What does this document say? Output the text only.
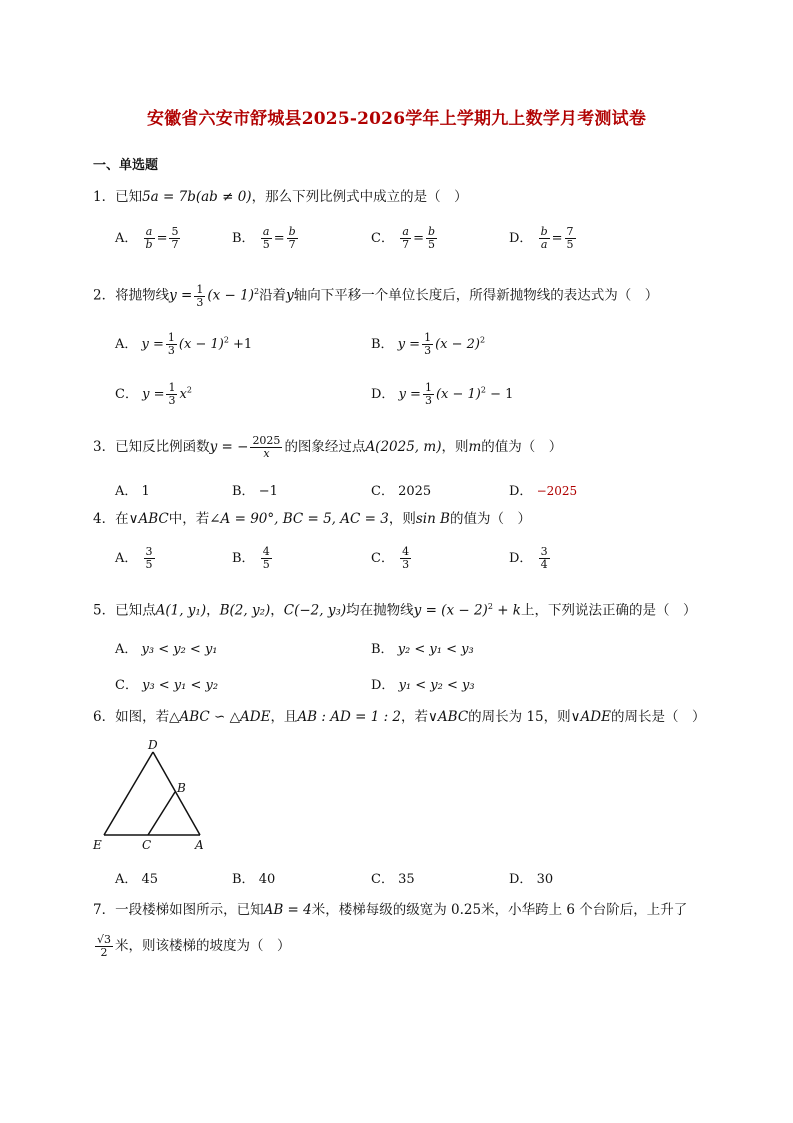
安徽省六安市舒城县2025-2026学年上学期九上数学月考测试卷
一、单选题
1．已知5a = 7b(ab ≠ 0)，那么下列比例式中成立的是（　）
A． $\frac{a}{b} = \frac{5}{7}$	B． $\frac{a}{5} = \frac{b}{7}$	C． $\frac{a}{7} = \frac{b}{5}$	D． $\frac{b}{a} = \frac{7}{5}$
2．将抛物线$y = \frac{1}{3} (x - 1)^2$沿着y轴向下平移一个单位长度后，所得新抛物线的表达式为（　）
A． $y = \frac{1}{3} (x - 1)^2 +1$	B． $y = \frac{1}{3} (x - 2)^2$
C． $y = \frac{1}{3} x^2$	D． $y = \frac{1}{3} (x - 1)^2 - 1$
3．已知反比例函数y = − $\frac{2025}{x}$ 的图象经过点A(2025, m)，则m的值为（　）
A． 1	B． −1	C． 2025	D． −2025
4．在∨ABC中，若∠A = 90°, BC = 5, AC = 3，则sin B的值为（　）
A． $\frac{3}{5}$	B． $\frac{4}{5}$	C． $\frac{4}{3}$	D． $\frac{3}{4}$
5．已知点A(1, y₁)，B(2, y₂)，C(−2, y₃)均在抛物线$y = (x - 2)^2 + k$上，下列说法正确的是（　）
A． y₃ < y₂ < y₁	B． y₂ < y₁ < y₃
C． y₃ < y₁ < y₂	D． y₁ < y₂ < y₃
6．如图，若△ABC ∽ △ADE，且AB : AD = 1 : 2，若∨ABC的周长为 15，则∨ADE的周长是（　）
D
B
E	C	A
A． 45	B． 40	C． 35	D． 30
7．一段楼梯如图所示，已知AB = 4米，楼梯每级的级宽为 0.25米，小华跨上 6 个台阶后，上升了
$\frac{√3}{2}$ 米，则该楼梯的坡度为（　）
